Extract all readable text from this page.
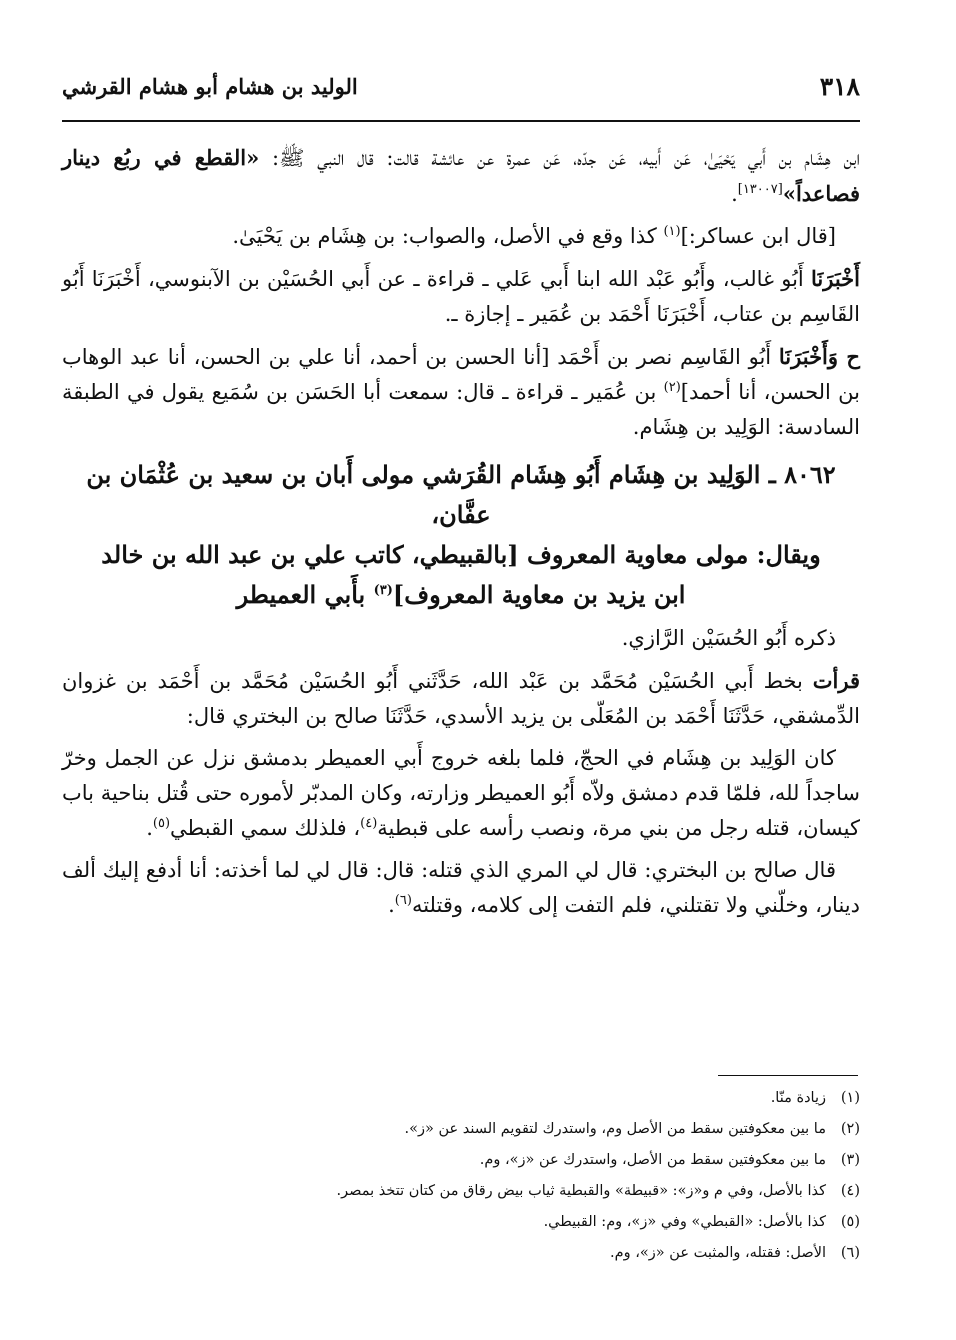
٣١٨
الوليد بن هشام أبو هشام القرشي

ابن هِشَام بن أَبي يَحْيَىٰ، عَن أَبيه، عَن جدّه، عَن عمرة عن عائشة قالت: قال النبي ﷺ: «القطع في ربُع دينار فصاعداً»[١٣٠٠٧].

[قال ابن عساكر:]$^{(١)}$ كذا وقع في الأصل، والصواب: بن هِشَام بن يَحْيَىٰ.

أَخْبَرَنَا أَبُو غالب، وأَبُو عَبْد الله ابنا أَبي عَلي ـ قراءة ـ عن أَبي الحُسَيْن بن الآبنوسي، أَخْبَرَنَا أَبُو القَاسِم بن عتاب، أَخْبَرَنَا أَحْمَد بن عُمَير ـ إجازة ـ.

ح وَأَخْبَرَنَا أَبُو القَاسِم نصر بن أَحْمَد [أنا الحسن بن أحمد، أنا علي بن الحسن، أنا عبد الوهاب بن الحسن، أنا أحمد]$^{(٢)}$ بن عُمَير ـ قراءة ـ قال: سمعت أبا الحَسَن بن سُمَيع يقول في الطبقة السادسة: الوَلِيد بن هِشَام.

٨٠٦٢ ـ الوَلِيد بن هِشَام أَبُو هِشَام القُرَشي مولى أَبان بن سعيد بن عُثْمَان بن عفَّان،
ويقال: مولى معاوية المعروف [بالقبيطي، كاتب علي بن عبد الله بن خالد
ابن يزيد بن معاوية المعروف]$^{(٣)}$ بأَبي العميطر

ذكره أَبُو الحُسَيْن الرَّازي.

قرأت بخط أَبي الحُسَيْن مُحَمَّد بن عَبْد الله، حَدَّثَني أَبُو الحُسَيْن مُحَمَّد بن أَحْمَد بن غزوان الدِّمشقي، حَدَّثَنَا أَحْمَد بن المُعَلّى بن يزيد الأسدي، حَدَّثَنَا صالح بن البختري قال:

كان الوَلِيد بن هِشَام في الحجّ، فلما بلغه خروج أَبي العميطر بدمشق نزل عن الجمل وخرّ ساجداً لله، فلمّا قدم دمشق ولاّه أَبُو العميطر وزارته، وكان المدبّر لأموره حتى قُتل بناحية باب كيسان، قتله رجل من بني مرة، ونصب رأسه على قبطية$^{(٤)}$، فلذلك سمي القبطي$^{(٥)}$.

قال صالح بن البختري: قال لي المري الذي قتله: قال: قال لي لما أخذته: أنا أدفع إليك ألف دينار، وخلّني ولا تقتلني، فلم التفت إلى كلامه، وقتلته$^{(٦)}$.

(١)زيادة منّا.
(٢)ما بين معكوفتين سقط من الأصل وم، واستدرك لتقويم السند عن «ز».
(٣)ما بين معكوفتين سقط من الأصل، واستدرك عن «ز»، وم.
(٤)كذا بالأصل، وفي م و«ز»: «قبيطة» والقبطية ثياب بيض رقاق من كتان تتخذ بمصر.
(٥)كذا بالأصل: «القبطي» وفي «ز»، وم: القبيطي.
(٦)الأصل: فقتله، والمثبت عن «ز»، وم.
